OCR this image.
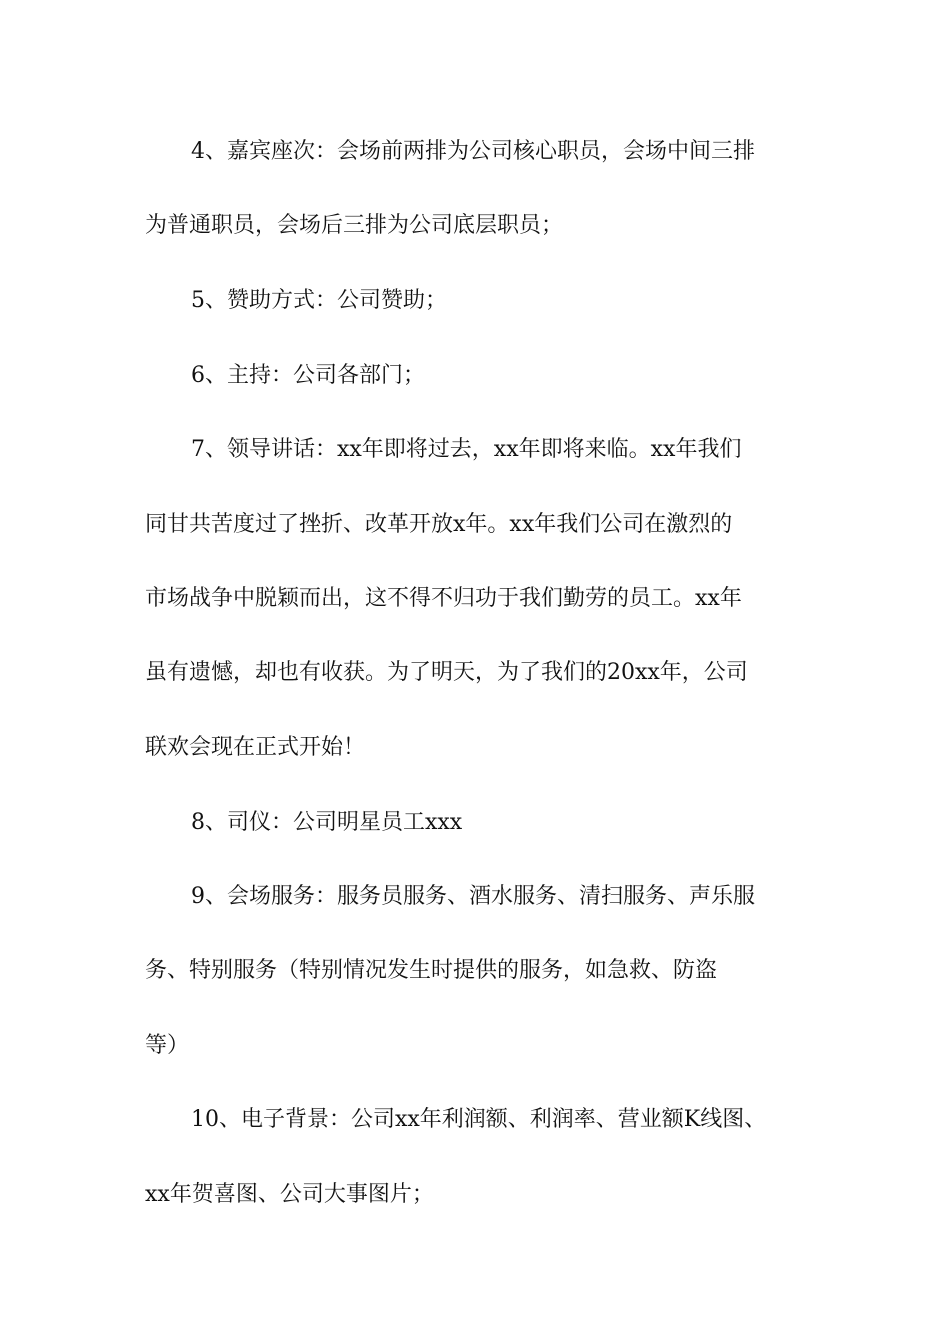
4、嘉宾座次：会场前两排为公司核心职员，会场中间三排
为普通职员，会场后三排为公司底层职员；
5、赞助方式：公司赞助；
6、主持：公司各部门；
7、领导讲话：xx年即将过去，xx年即将来临。xx年我们
同甘共苦度过了挫折、改革开放x年。xx年我们公司在激烈的
市场战争中脱颖而出，这不得不归功于我们勤劳的员工。xx年
虽有遗憾，却也有收获。为了明天，为了我们的20xx年，公司
联欢会现在正式开始！
8、司仪：公司明星员工xxx
9、会场服务：服务员服务、酒水服务、清扫服务、声乐服
务、特别服务（特别情况发生时提供的服务，如急救、防盗
等）
10、电子背景：公司xx年利润额、利润率、营业额K线图、
xx年贺喜图、公司大事图片；
